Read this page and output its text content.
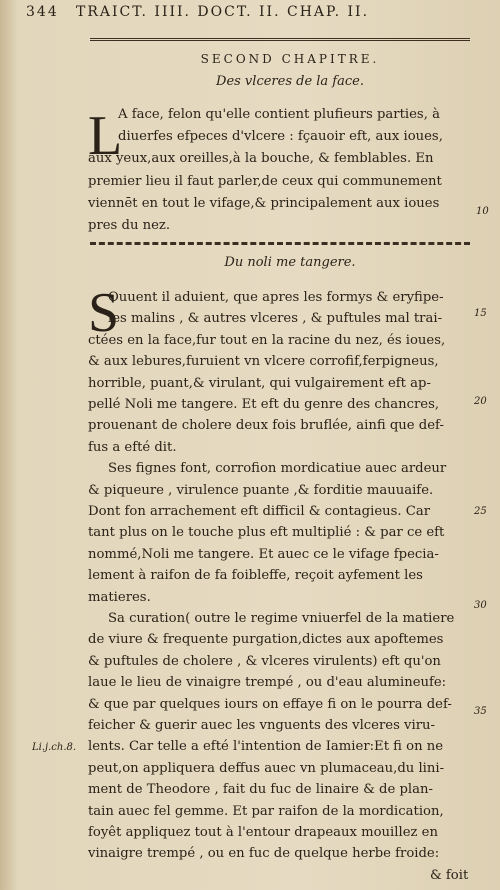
344 TRAICT. IIII. DOCT. II. CHAP. II.
SECOND CHAPITRE.
Des vlceres de la face.
L
A face, felon qu'elle contient plufieurs parties, à
diuerfes efpeces d'vlcere : fçauoir eft, aux ioues,
aux yeux,aux oreilles,à la bouche, & femblables. En
premier lieu il faut parler,de ceux qui communement
viennēt en tout le vifage,& principalement aux ioues
pres du nez.
10
Du noli me tangere.
S
Ouuent il aduient, que apres les formys & eryfipe-
les malins , & autres vlceres , & puftules mal trai-
ctées en la face,fur tout en la racine du nez, és ioues,
& aux lebures,furuient vn vlcere corrofif,ferpigneus,
horrible, puant,& virulant, qui vulgairement eft ap-
pellé Noli me tangere. Et eft du genre des chancres,
prouenant de cholere deux fois bruflée, ainfi que def-
fus a efté dit.
Ses fignes font, corrofion mordicatiue auec ardeur
& piqueure , virulence puante ,& forditie mauuaife.
Dont fon arrachement eft difficil & contagieus. Car
tant plus on le touche plus eft multiplié : & par ce eft
nommé,Noli me tangere. Et auec ce le vifage fpecia-
lement à raifon de fa foibleffe, reçoit ayfement les
matieres.
Sa curation( outre le regime vniuerfel de la matiere
de viure & frequente purgation,dictes aux apoftemes
& puftules de cholere , & vlceres virulents) eft qu'on
laue le lieu de vinaigre trempé , ou d'eau alumineufe:
& que par quelques iours on effaye fi on le pourra def-
feicher & guerir auec les vnguents des vlceres viru-
lents. Car telle a efté l'intention de Iamier:Et fi on ne
peut,on appliquera deffus auec vn plumaceau,du lini-
ment de Theodore , fait du fuc de linaire & de plan-
tain auec fel gemme. Et par raifon de la mordication,
foyêt appliquez tout à l'entour drapeaux mouillez en
vinaigre trempé , ou en fuc de quelque herbe froide:
& foit
15
20
25
30
35
Li.j.ch.8.
